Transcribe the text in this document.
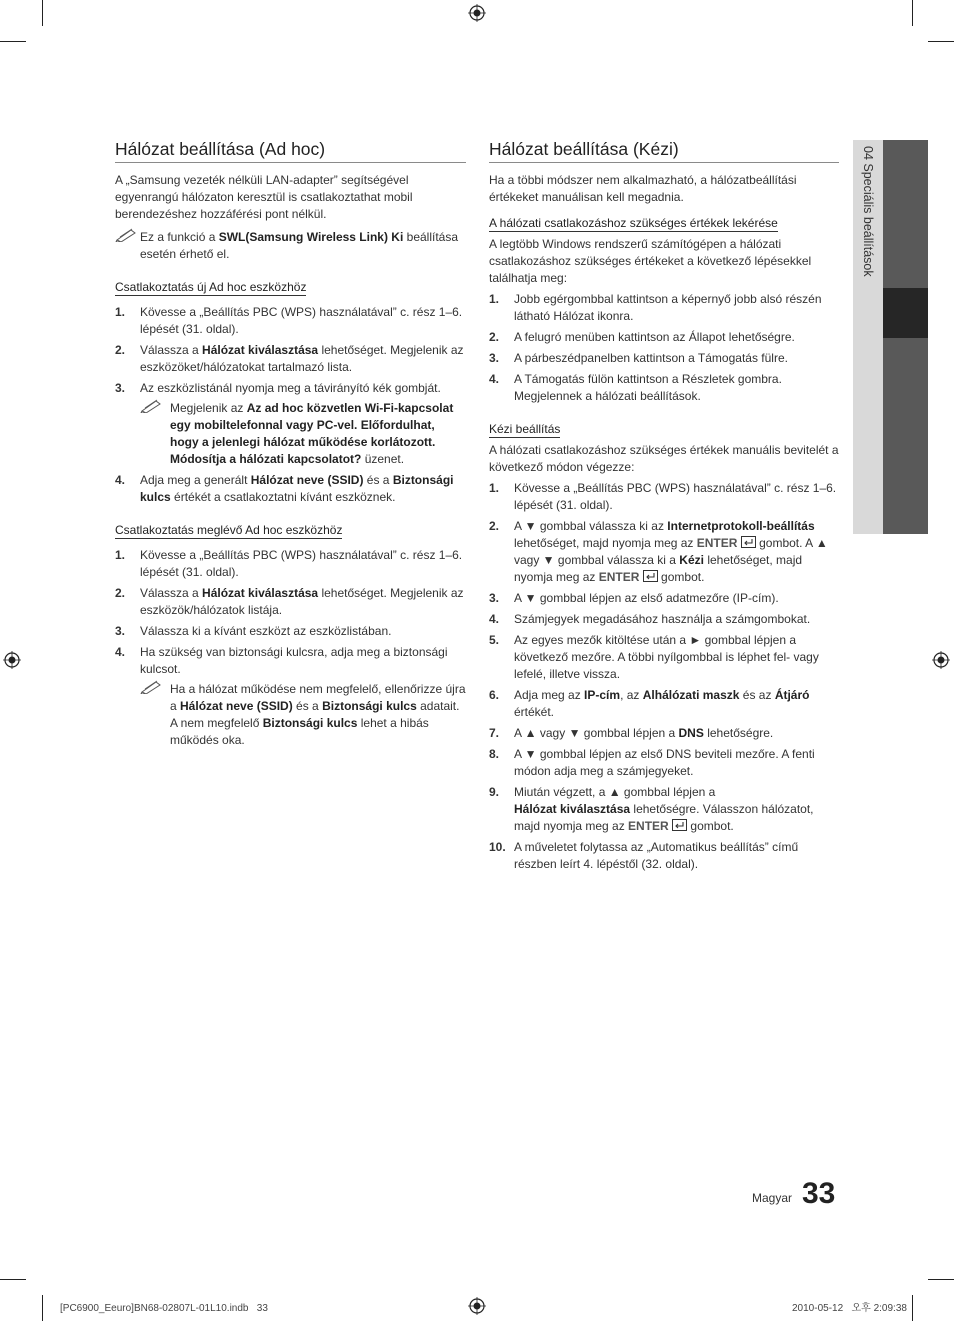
04 Speciális beállítások
Hálózat beállítása (Ad hoc)

A „Samsung vezeték nélküli LAN-adapter” segítségével egyenrangú hálózaton keresztül is csatlakoztathat mobil berendezéshez hozzáférési pont nélkül.

Ez a funkció a SWL(Samsung Wireless Link) Ki beállítása esetén érhető el.
Csatlakoztatás új Ad hoc eszközhöz
1. Kövesse a „Beállítás PBC (WPS) használatával” c. rész 1–6. lépését (31. oldal).
2. Válassza a Hálózat kiválasztása lehetőséget. Megjelenik az eszközöket/hálózatokat tartalmazó lista.
3. Az eszközlistánál nyomja meg a távirányító kék gombját.
Megjelenik az Az ad hoc közvetlen Wi-Fi-kapcsolat egy mobiltelefonnal vagy PC-vel. Előfordulhat, hogy a jelenlegi hálózat működése korlátozott. Módosítja a hálózati kapcsolatot? üzenet.
4. Adja meg a generált Hálózat neve (SSID) és a Biztonsági kulcs értékét a csatlakoztatni kívánt eszköznek.
Csatlakoztatás meglévő Ad hoc eszközhöz
1. Kövesse a „Beállítás PBC (WPS) használatával” c. rész 1–6. lépését (31. oldal).
2. Válassza a Hálózat kiválasztása lehetőséget. Megjelenik az eszközök/hálózatok listája.
3. Válassza ki a kívánt eszközt az eszközlistában.
4. Ha szükség van biztonsági kulcsra, adja meg a biztonsági kulcsot.
Ha a hálózat működése nem megfelelő, ellenőrizze újra a Hálózat neve (SSID) és a Biztonsági kulcs adatait. A nem megfelelő Biztonsági kulcs lehet a hibás működés oka.
Hálózat beállítása (Kézi)

Ha a többi módszer nem alkalmazható, a hálózatbeállítási értékeket manuálisan kell megadnia.

A hálózati csatlakozáshoz szükséges értékek lekérése

A legtöbb Windows rendszerű számítógépen a hálózati csatlakozáshoz szükséges értékeket a következő lépésekkel találhatja meg:

1. Jobb egérgombbal kattintson a képernyő jobb alsó részén látható Hálózat ikonra.
2. A felugró menüben kattintson az Állapot lehetőségre.
3. A párbeszédpanelben kattintson a Támogatás fülre.
4. A Támogatás fülön kattintson a Részletek gombra. Megjelennek a hálózati beállítások.
Kézi beállítás

A hálózati csatlakozáshoz szükséges értékek manuális bevitelét a következő módon végezze:

1. Kövesse a „Beállítás PBC (WPS) használatával” c. rész 1–6. lépését (31. oldal).
2. A ▼ gombbal válassza ki az Internetprotokoll-beállítás lehetőséget, majd nyomja meg az ENTER  gombot. A ▲ vagy ▼ gombbal válassza ki a Kézi lehetőséget, majd nyomja meg az ENTER  gombot.
3. A ▼ gombbal lépjen az első adatmezőre (IP-cím).
4. Számjegyek megadásához használja a számgombokat.
5. Az egyes mezők kitöltése után a ► gombbal lépjen a következő mezőre. A többi nyílgombbal is léphet fel- vagy lefelé, illetve vissza.
6. Adja meg az IP-cím, az Alhálózati maszk és az Átjáró értékét.
7. A ▲ vagy ▼ gombbal lépjen a DNS lehetőségre.
8. A ▼ gombbal lépjen az első DNS beviteli mezőre. A fenti módon adja meg a számjegyeket.
9. Miután végzett, a ▲ gombbal lépjen a
Hálózat kiválasztása lehetőségre. Válasszon hálózatot, majd nyomja meg az ENTER  gombot.
10. A műveletet folytassa az „Automatikus beállítás” című részben leírt 4. lépéstől (32. oldal).
Magyar 33
[PC6900_Eeuro]BN68-02807L-01L10.indb   33	2010-05-12   오후 2:09:38
